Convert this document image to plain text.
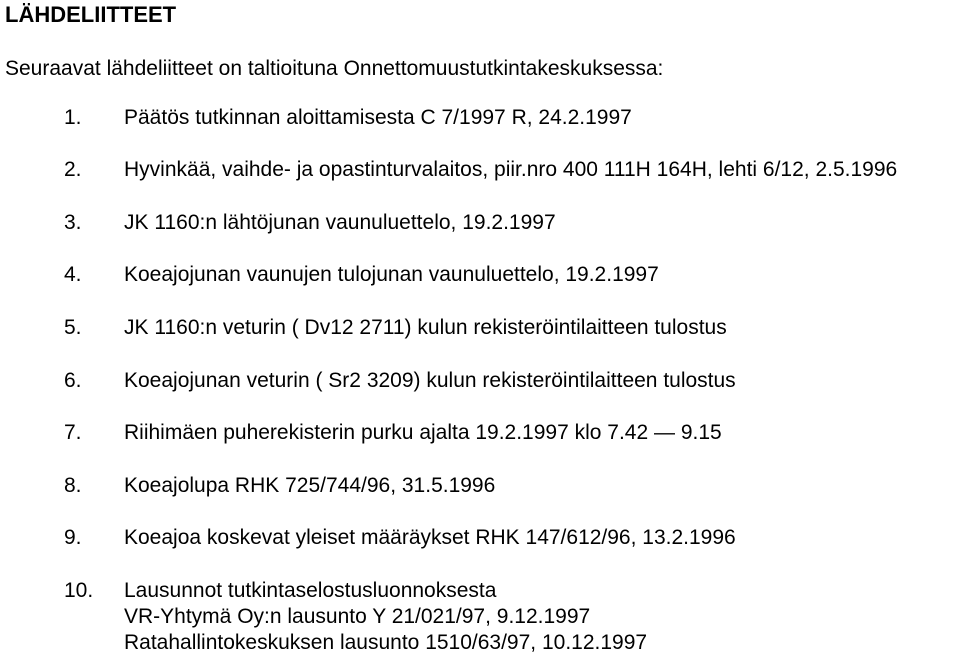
LÄHDELIITTEET
Seuraavat lähdeliitteet on taltioituna Onnettomuustutkintakeskuksessa:
1. Päätös tutkinnan aloittamisesta C 7/1997 R, 24.2.1997
2. Hyvinkää, vaihde- ja opastinturvalaitos, piir.nro 400 111H 164H, lehti 6/12, 2.5.1996
3. JK 1160:n lähtöjunan vaunuluettelo, 19.2.1997
4. Koeajojunan vaunujen tulojunan vaunuluettelo, 19.2.1997
5. JK 1160:n veturin ( Dv12 2711) kulun rekisteröintilaitteen tulostus
6. Koeajojunan veturin ( Sr2 3209) kulun rekisteröintilaitteen tulostus
7. Riihimäen puherekisterin purku ajalta 19.2.1997 klo 7.42 — 9.15
8. Koeajolupa RHK 725/744/96, 31.5.1996
9. Koeajoa koskevat yleiset määräykset RHK 147/612/96, 13.2.1996
10. Lausunnot tutkintaselostusluonnoksesta
VR-Yhtymä Oy:n lausunto Y 21/021/97, 9.12.1997
Ratahallintokeskuksen lausunto 1510/63/97, 10.12.1997
